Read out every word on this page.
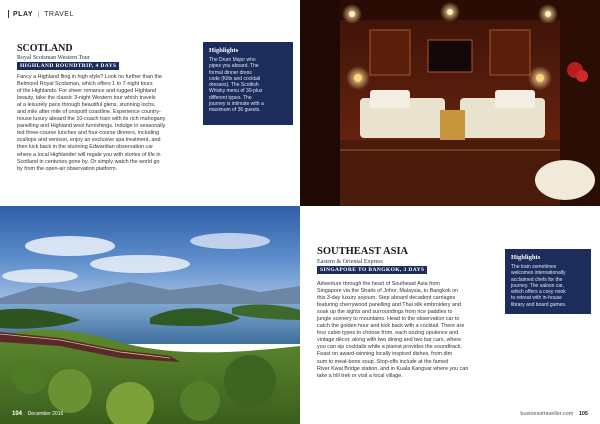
PLAY | TRAVEL
SCOTLAND
Royal Scotsman Western Tour
HIGHLAND ROUNDTRIP, 4 DAYS
Fancy a Highland fling in high style? Look no further than the
Belmond Royal Scotsman, which offers 1 to 7-night tours
of the Highlands. For sheer romance and rugged Highland
beauty, take the classic 3-night Western tour which travels
at a leisurely pace through beautiful glens, stunning lochs,
and mile after mile of unspoilt coastline. Experience country-
house luxury aboard the 10-coach train with its rich mahogany
panelling and Highland wool furnishings. Indulge in seasonally
ted three-course lunches and four-course dinners, including
scallops and venison, enjoy an exclusive spa treatment, and
then kick back in the stunning Edwardian observation car
where a local Highlander will regale you with stories of life in
Scotland in centuries gone by. Or simply watch the world go
by from the open-air observation platform.
Highlights
The Drum Major who
pipes you aboard. The
formal dinner dress
code (Kilts and cocktail
dresses). The Scottish
Whisky menu of 30-plus
different types. The
journey is intimate with a
maximum of 36 guests.
104 December 2016
SOUTHEAST ASIA
Eastern & Oriental Express
SINGAPORE TO BANGKOK, 3 DAYS
Adventure through the heart of Southeast Asia from
Singapore via the Straits of Johor, Malaysia, to Bangkok on
this 3-day luxury sojourn. Step aboard decadent carriages
featuring cherrywood panelling and Thai silk embroidery and
soak up the sights and surroundings from rice paddies to
jungle scenery to mountains. Head to the observation car to
catch the golden hour and kick back with a cocktail. There are
four cabin types to choose from, each oozing opulence and
vintage décor, along with two dining and two bar cars, where
you can sip cocktails while a pianist provides the soundtrack.
Feast on award-winning locally inspired dishes, from dim
sum to meat-bone soup. Stop-offs include at the famed
River Kwai Bridge station, and in Kuala Kangsar where you can
take a hill trek or visit a local village.
Highlights
The train sometimes
welcomes internationally
acclaimed chefs for the
journey. The saloon car,
which offers a cosy nook
to retreat with in-house
library and board games.
businesstraveller.com 105
